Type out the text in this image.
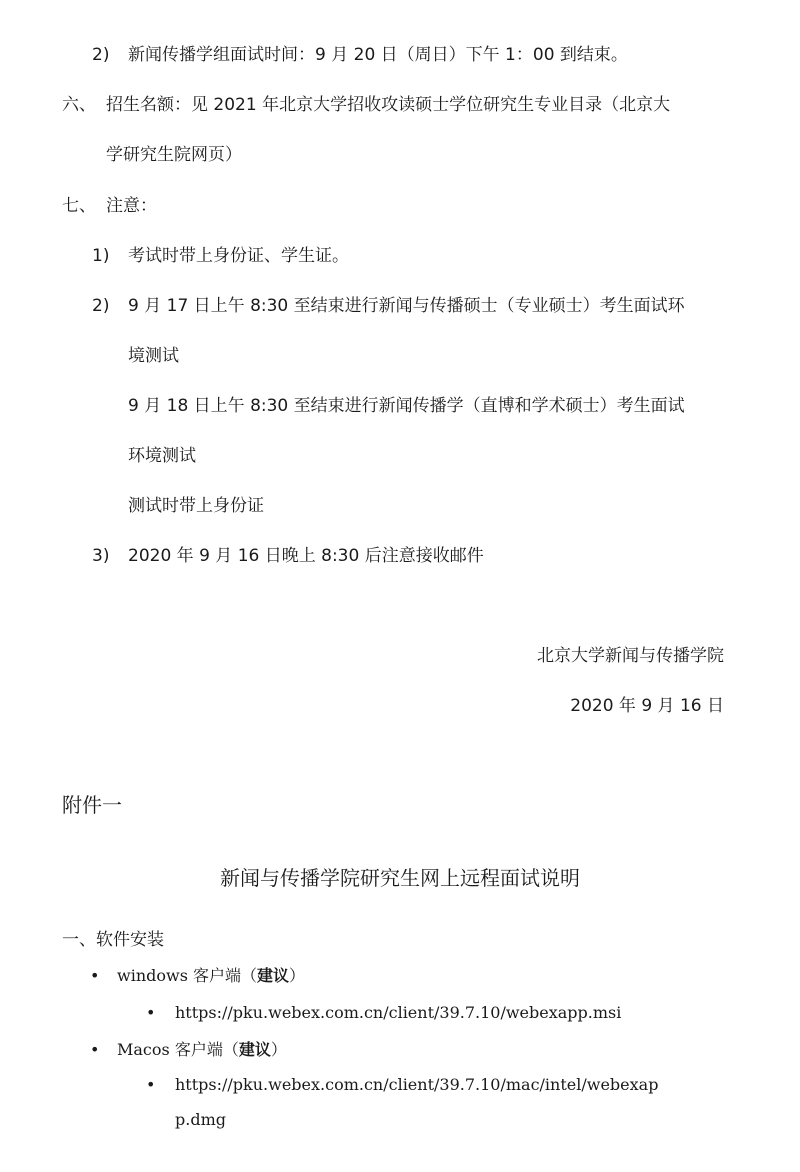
2) 新闻传播学组面试时间：9 月 20 日（周日）下午 1：00 到结束。
六、 招生名额：见 2021 年北京大学招收攻读硕士学位研究生专业目录（北京大
学研究生院网页）
七、 注意：
1) 考试时带上身份证、学生证。
2) 9 月 17 日上午 8:30 至结束进行新闻与传播硕士（专业硕士）考生面试环
境测试
9 月 18 日上午 8:30 至结束进行新闻传播学（直博和学术硕士）考生面试
环境测试
测试时带上身份证
3) 2020 年 9 月 16 日晚上 8:30 后注意接收邮件
北京大学新闻与传播学院
2020 年 9 月 16 日
附件一
新闻与传播学院研究生网上远程面试说明
一、软件安装
• windows 客户端（建议）
• https://pku.webex.com.cn/client/39.7.10/webexapp.msi
• Macos 客户端（建议）
• https://pku.webex.com.cn/client/39.7.10/mac/intel/webexap
p.dmg
